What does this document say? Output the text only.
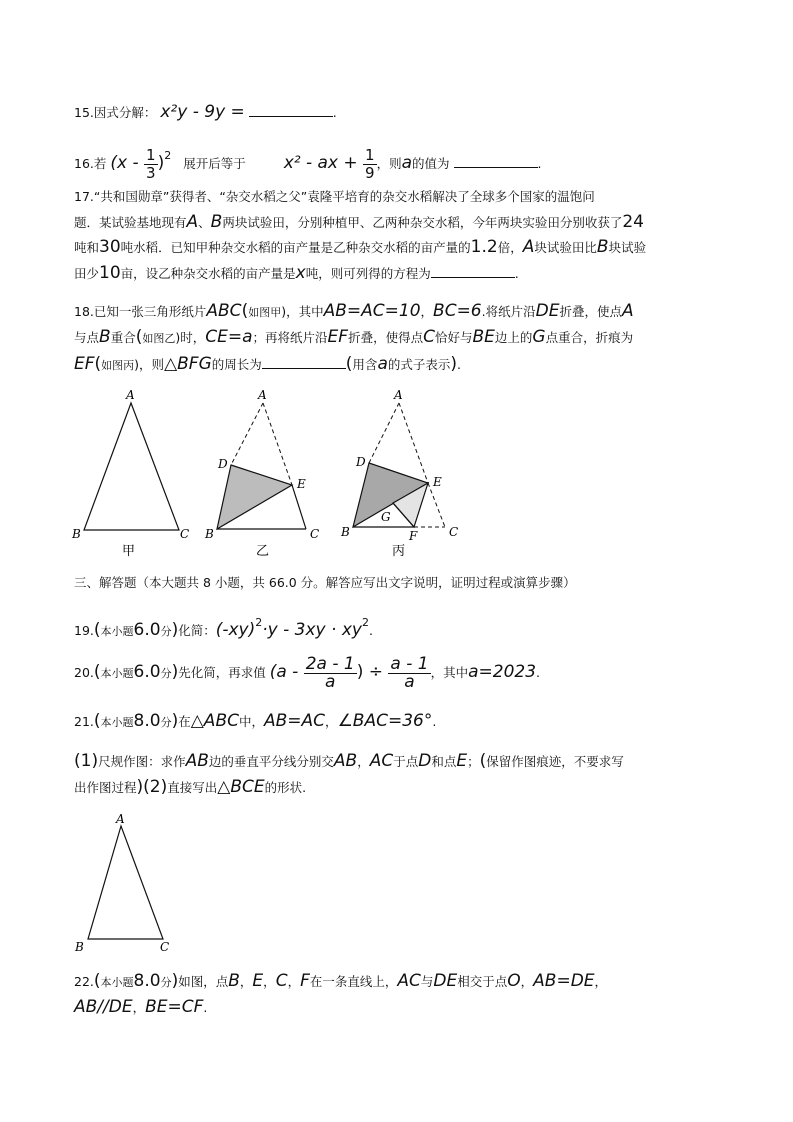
15.因式分解： x²y - 9y =	.
16.若 $(x - \frac{1}{3} )2$ 展开后等于 x² - ax + $\frac{1}{9}$ ，则a的值为	.
17.“共和国勋章”获得者、“杂交水稻之父”袁隆平培育的杂交水稻解决了全球多个国家的温饱问
题．某试验基地现有A、B两块试验田，分别种植甲、乙两种杂交水稻，今年两块实验田分别收获了24
吨和30吨水稻．已知甲种杂交水稻的亩产量是乙种杂交水稻的亩产量的1.2倍，A块试验田比B块试验
田少10亩，设乙种杂交水稻的亩产量是x吨，则可列得的方程为	.
18.已知一张三角形纸片ABC(如图甲)，其中AB=AC=10，BC=6.将纸片沿DE折叠，使点A
与点B重合(如图乙)时，CE=a；再将纸片沿EF折叠，使得点C恰好与BE边上的G点重合，折痕为
EF(如图丙)，则△BFG的周长为	(用含a的式子表示).
A
B	C
甲
A
B	C
D
E
乙
A
B	C
D
E
F
G
丙
三、解答题（本大题共 8 小题，共 66.0 分。解答应写出文字说明，证明过程或演算步骤）
19.(本小题6.0分)化简：(-xy)2·y - 3xy · xy2.
20.(本小题6.0分)先化简，再求值 ($a - \frac{2a - 1}{a}$ ) ÷ $\frac{a - 1}{a}$ ，其中a=2023.
21.(本小题8.0分)在△ABC中，AB=AC，∠BAC=36°.
(1)尺规作图：求作AB边的垂直平分线分别交AB，AC于点D和点E；(保留作图痕迹，不要求写
出作图过程)(2)直接写出△BCE的形状.
A
B	C
22.(本小题8.0分)如图，点B，E，C，F在一条直线上，AC与DE相交于点O，AB=DE，
AB//DE，BE=CF.
